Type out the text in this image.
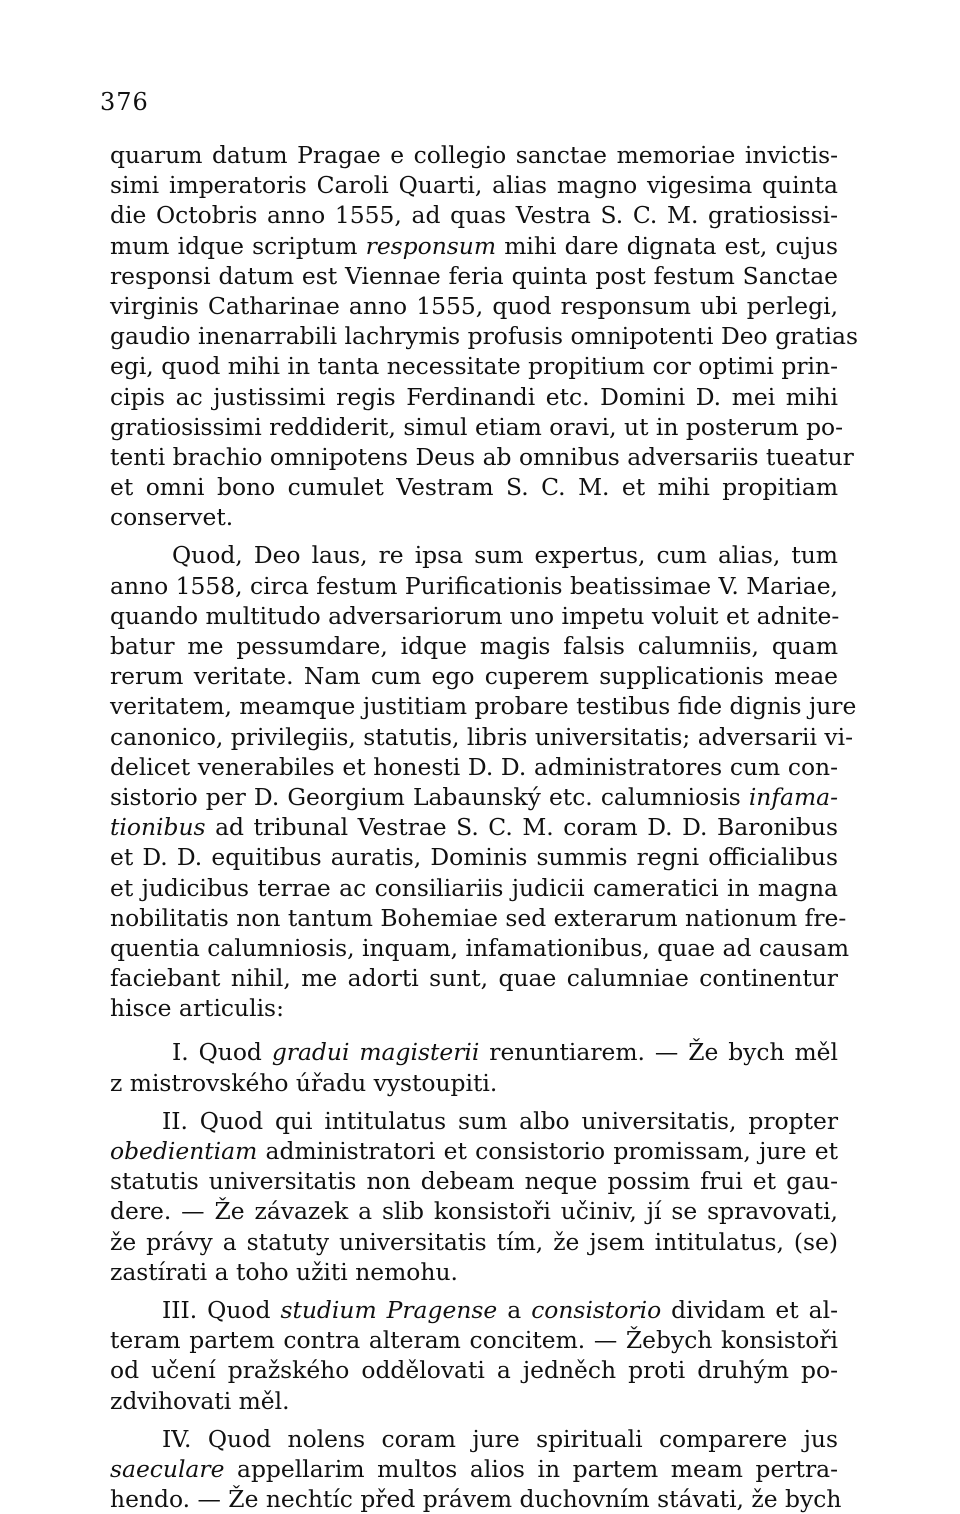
376
quarum datum Pragae e collegio sanctae memoriae invictis-
simi imperatoris Caroli Quarti, alias magno vigesima quinta
die Octobris anno 1555, ad quas Vestra S. C. M. gratiosissi-
mum idque scriptum responsum mihi dare dignata est, cujus
responsi datum est Viennae feria quinta post festum Sanctae
virginis Catharinae anno 1555, quod responsum ubi perlegi,
gaudio inenarrabili lachrymis profusis omnipotenti Deo gratias
egi, quod mihi in tanta necessitate propitium cor optimi prin-
cipis ac justissimi regis Ferdinandi etc. Domini D. mei mihi
gratiosissimi reddiderit, simul etiam oravi, ut in posterum po-
tenti brachio omnipotens Deus ab omnibus adversariis tueatur
et omni bono cumulet Vestram S. C. M. et mihi propitiam
conservet.
Quod, Deo laus, re ipsa sum expertus, cum alias, tum
anno 1558, circa festum Purificationis beatissimae V. Mariae,
quando multitudo adversariorum uno impetu voluit et adnite-
batur me pessumdare, idque magis falsis calumniis, quam
rerum veritate. Nam cum ego cuperem supplicationis meae
veritatem, meamque justitiam probare testibus fide dignis jure
canonico, privilegiis, statutis, libris universitatis; adversarii vi-
delicet venerabiles et honesti D. D. administratores cum con-
sistorio per D. Georgium Labaunský etc. calumniosis infama-
tionibus ad tribunal Vestrae S. C. M. coram D. D. Baronibus
et D. D. equitibus auratis, Dominis summis regni officialibus
et judicibus terrae ac consiliariis judicii cameratici in magna
nobilitatis non tantum Bohemiae sed exterarum nationum fre-
quentia calumniosis, inquam, infamationibus, quae ad causam
faciebant nihil, me adorti sunt, quae calumniae continentur
hisce articulis:
I. Quod gradui magisterii renuntiarem. — Že bych měl
z mistrovského úřadu vystoupiti.
II. Quod qui intitulatus sum albo universitatis, propter
obedientiam administratori et consistorio promissam, jure et
statutis universitatis non debeam neque possim frui et gau-
dere. — Že závazek a slib konsistoři učiniv, jí se spravovati,
že právy a statuty universitatis tím, že jsem intitulatus, (se)
zastírati a toho užiti nemohu.
III. Quod studium Pragense a consistorio dividam et al-
teram partem contra alteram concitem. — Žebych konsistoři
od učení pražského oddělovati a jedněch proti druhým po-
zdvihovati měl.
IV. Quod nolens coram jure spirituali comparere jus
saeculare appellarim multos alios in partem meam pertra-
hendo. — Že nechtíc před právem duchovním stávati, že bych
